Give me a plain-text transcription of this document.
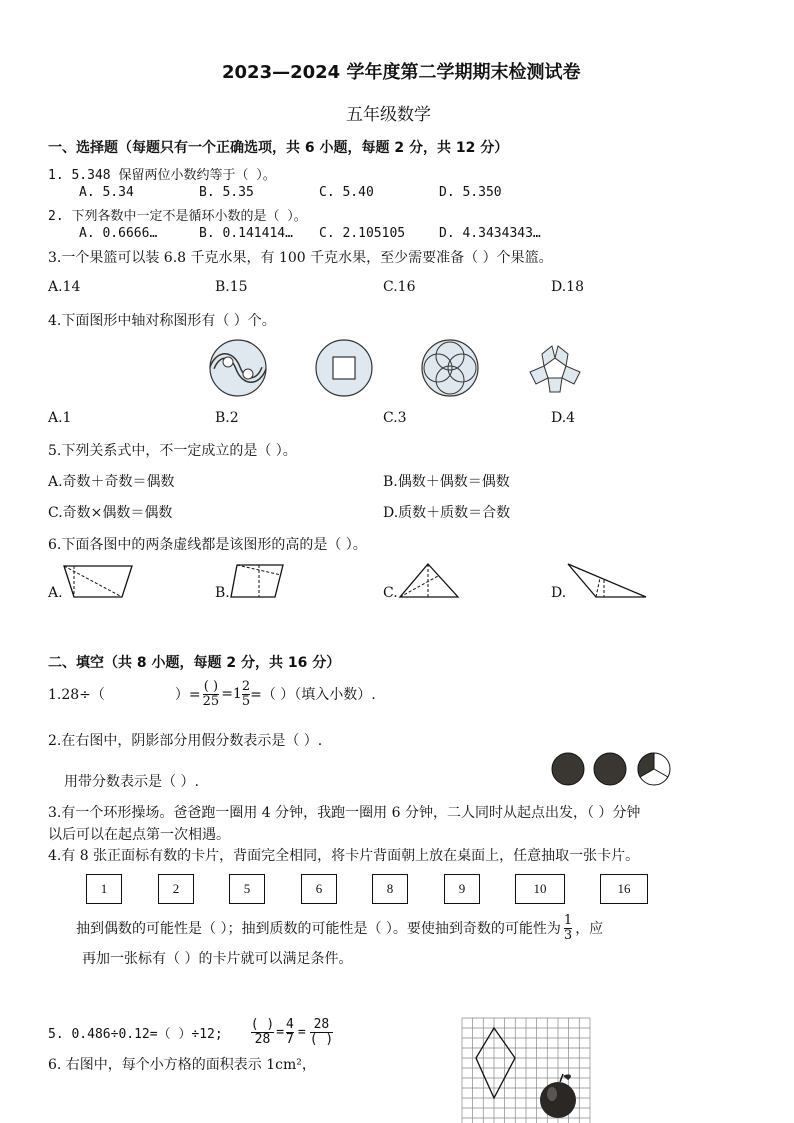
2023—2024 学年度第二学期期末检测试卷
五年级数学
一、选择题（每题只有一个正确选项，共 6 小题，每题 2 分，共 12 分）
1. 5.348 保留两位小数约等于（ ）。
A. 5.34	B. 5.35	C. 5.40	D. 5.350
2. 下列各数中一定不是循环小数的是（ ）。
A. 0.6666…	B. 0.141414… C. 2.105105	D. 4.3434343…
3.一个果篮可以装 6.8 千克水果，有 100 千克水果，至少需要准备（ ）个果篮。
A.14	B.15	C.16	D.18
4.下面图形中轴对称图形有（ ）个。
A.1	B.2	C.3	D.4
5.下列关系式中，不一定成立的是（ ）。
A.奇数＋奇数＝偶数	B.偶数＋偶数＝偶数
C.奇数×偶数＝偶数	D.质数＋质数＝合数
6.下面各图中的两条虚线都是该图形的高的是（ ）。
A.	B.	C.	D.
二、填空（共 8 小题，每题 2 分，共 16 分）
1.28÷（	）= $\frac{( )}{25} =1 \frac{2}{5}$ =（ ）（填入小数）.
2.在右图中，阴影部分用假分数表示是（ ）.
用带分数表示是（ ）.
3.有一个环形操场。爸爸跑一圈用 4 分钟，我跑一圈用 6 分钟，二人同时从起点出发，（ ）分钟
以后可以在起点第一次相遇。
4.有 8 张正面标有数的卡片，背面完全相同，将卡片背面朝上放在桌面上，任意抽取一张卡片。
1	2	5	6	8	9	10	16
抽到偶数的可能性是（ ）；抽到质数的可能性是（ ）。要使抽到奇数的可能性为 $\frac{1}{3}$ ，应
再加一张标有（ ）的卡片就可以满足条件。
5. 0.486÷0.12=（ ）÷12; $\frac{( )}{28} = \frac{4}{7} = \frac{28}{( )}$
6. 右图中，每个小方格的面积表示 1cm²，
